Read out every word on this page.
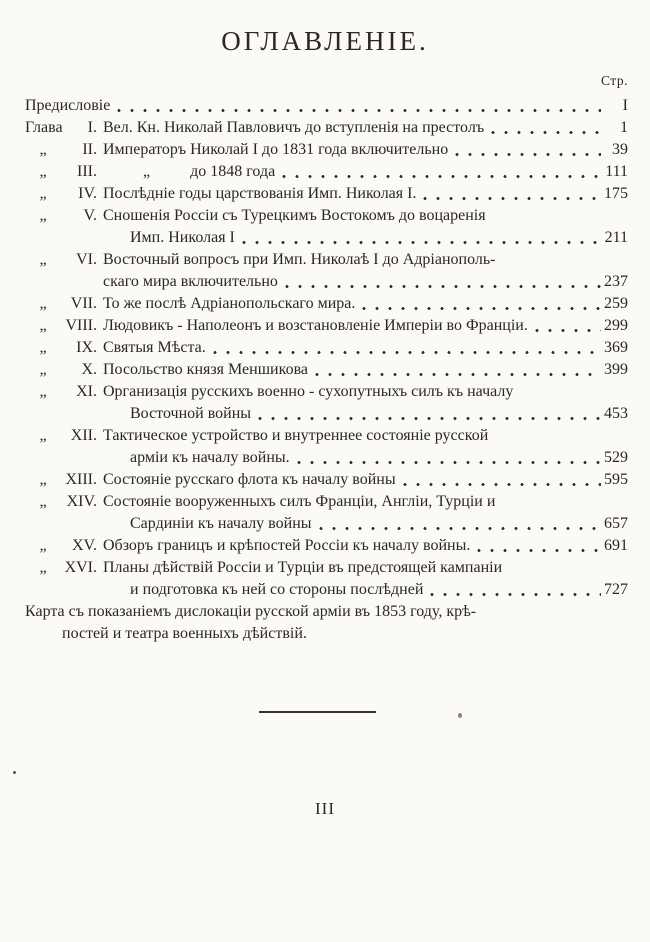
ОГЛАВЛЕНІЕ.
Стр.
Предисловіе	I
Глава	I. Вел. Кн. Николай Павловичъ до вступленія на престолъ	1
„	II. Императоръ Николай I до 1831 года включительно	39
„	III.    „   до 1848 года	111
„	IV. Послѣдніе годы царствованія Имп. Николая I.	175
„	V. Сношенія Россіи съ Турецкимъ Востокомъ до воцаренія
Имп. Николая I	211
„	VI. Восточный вопросъ при Имп. Николаѣ I до Адріанополь-
скаго мира включительно	237
„	VII. То же послѣ Адріанопольскаго мира.	259
„	VIII. Людовикъ - Наполеонъ и возстановленіе Имперіи во Франціи.	299
„	IX. Святыя Мѣста.	369
„	X. Посольство князя Меншикова	399
„	XI. Организація русскихъ военно - сухопутныхъ силъ къ началу
Восточной войны	453
„	XII. Тактическое устройство и внутреннее состояніе русской
арміи къ началу войны.	529
„	XIII. Состояніе русскаго флота къ началу войны	595
„	XIV. Состояніе вооруженныхъ силъ Франціи, Англіи, Турціи и
Сардиніи къ началу войны	657
„	XV. Обзоръ границъ и крѣпостей Россіи къ началу войны.	691
„	XVI. Планы дѣйствій Россіи и Турціи въ предстоящей кампаніи
и подготовка къ ней со стороны послѣдней	727
Карта съ показаніемъ дислокаціи русской арміи въ 1853 году, крѣ-
постей и театра военныхъ дѣйствій.
III
